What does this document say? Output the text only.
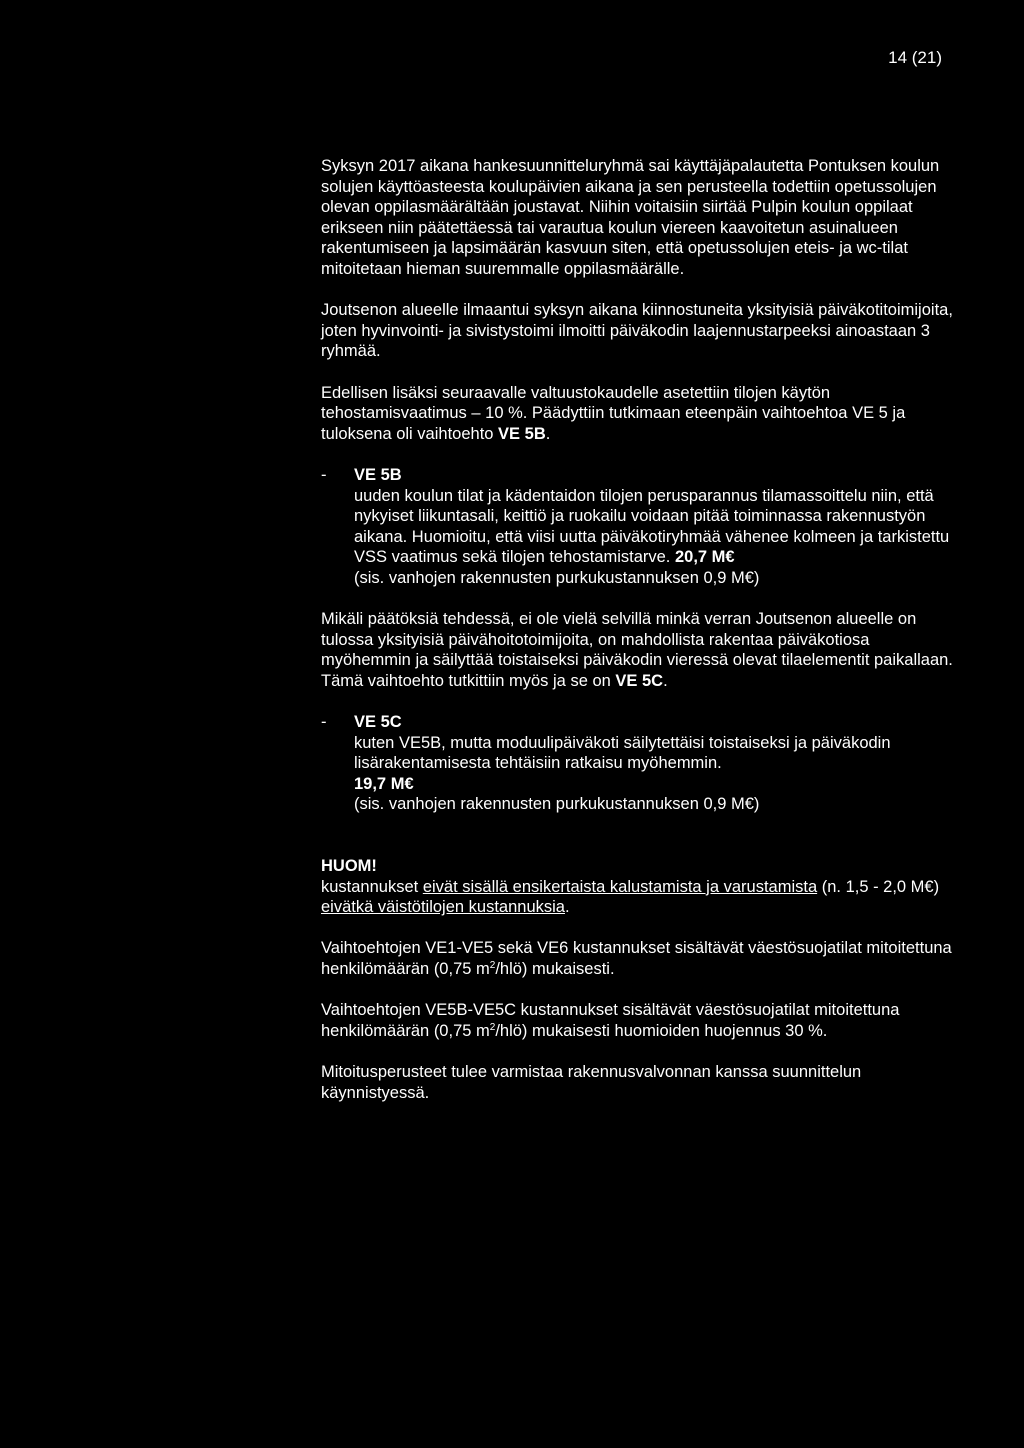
14 (21)

Syksyn 2017 aikana hankesuunnitteluryhmä sai käyttäjäpalautetta Pontuksen koulun solujen käyttöasteesta koulupäivien aikana ja sen perusteella todettiin opetussolujen olevan oppilasmäärältään joustavat. Niihin voitaisiin siirtää Pulpin koulun oppilaat erikseen niin päätettäessä tai varautua koulun viereen kaavoitetun asuinalueen rakentumiseen ja lapsimäärän kasvuun siten, että opetussolujen eteis- ja wc-tilat mitoitetaan hieman suuremmalle oppilasmäärälle.

Joutsenon alueelle ilmaantui syksyn aikana kiinnostuneita yksityisiä päiväkotitoimijoita, joten hyvinvointi- ja sivistystoimi ilmoitti päiväkodin laajennustarpeeksi ainoastaan 3 ryhmää.

Edellisen lisäksi seuraavalle valtuustokaudelle asetettiin tilojen käytön tehostamisvaatimus – 10 %. Päädyttiin tutkimaan eteenpäin vaihtoehtoa VE 5 ja tuloksena oli vaihtoehto VE 5B.

- VE 5B
uuden koulun tilat ja kädentaidon tilojen perusparannus tilamassoittelu niin, että nykyiset liikuntasali, keittiö ja ruokailu voidaan pitää toiminnassa rakennustyön aikana. Huomioitu, että viisi uutta päiväkotiryhmää vähenee kolmeen ja tarkistettu VSS vaatimus sekä tilojen tehostamistarve. 20,7 M€
(sis. vanhojen rakennusten purkukustannuksen 0,9 M€)

Mikäli päätöksiä tehdessä, ei ole vielä selvillä minkä verran Joutsenon alueelle on tulossa yksityisiä päivähoitotoimijoita, on mahdollista rakentaa päiväkotiosa myöhemmin ja säilyttää toistaiseksi päiväkodin vieressä olevat tilaelementit paikallaan. Tämä vaihtoehto tutkittiin myös ja se on VE 5C.

- VE 5C
kuten VE5B, mutta moduulipäiväkoti säilytettäisi toistaiseksi ja päiväkodin lisärakentamisesta tehtäisiin ratkaisu myöhemmin.
19,7 M€
(sis. vanhojen rakennusten purkukustannuksen 0,9 M€)
HUOM!
kustannukset eivät sisällä ensikertaista kalustamista ja varustamista (n. 1,5 - 2,0 M€) eivätkä väistötilojen kustannuksia.

Vaihtoehtojen VE1-VE5 sekä VE6 kustannukset sisältävät väestösuojatilat mitoitettuna henkilömäärän (0,75 $m^2/hlö$) mukaisesti.

Vaihtoehtojen VE5B-VE5C kustannukset sisältävät väestösuojatilat mitoitettuna henkilömäärän (0,75 $m^2/hlö$) mukaisesti huomioiden huojennus 30 %.

Mitoitusperusteet tulee varmistaa rakennusvalvonnan kanssa suunnittelun käynnistyessä.
